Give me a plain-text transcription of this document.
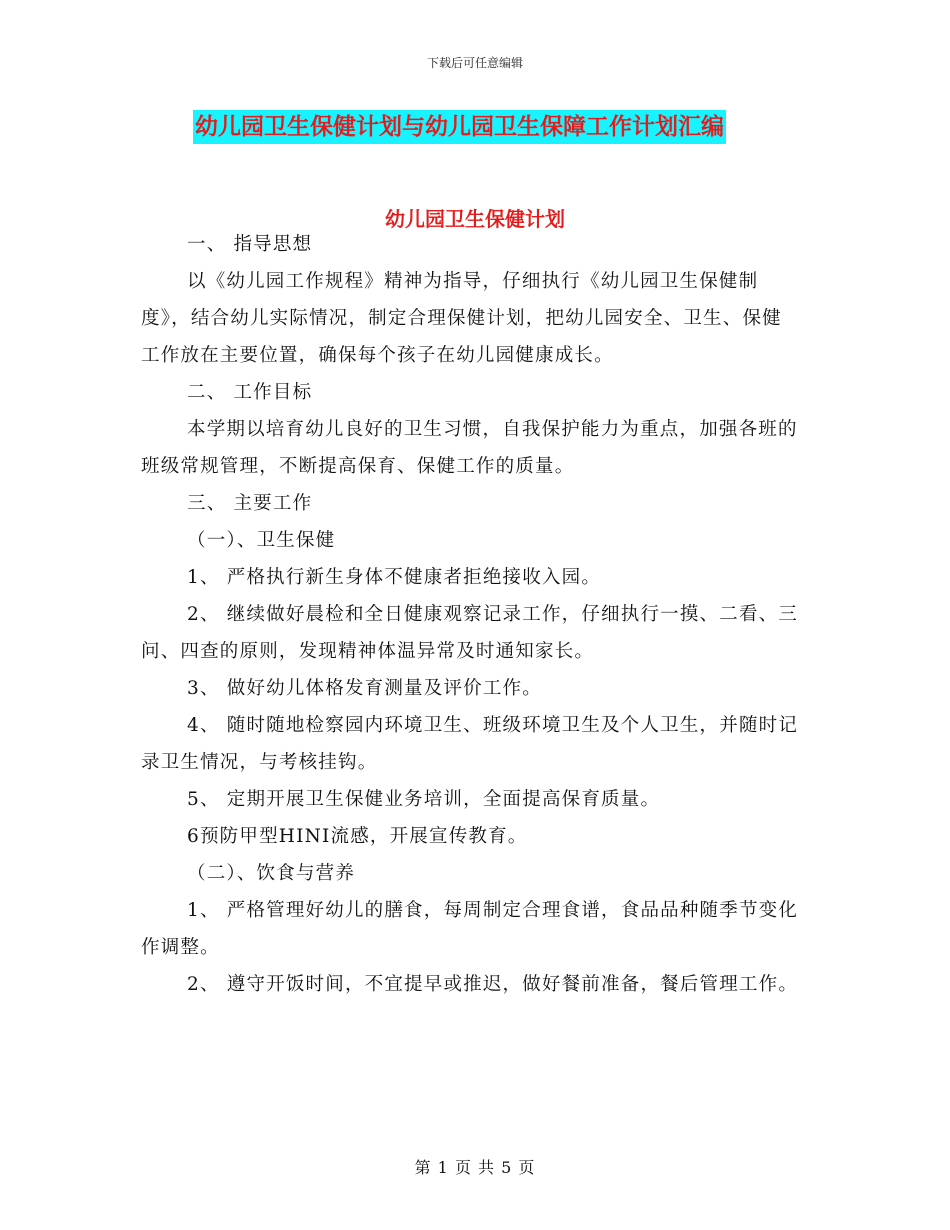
下载后可任意编辑
幼儿园卫生保健计划与幼儿园卫生保障工作计划汇编
幼儿园卫生保健计划

一、 指导思想

以《幼儿园工作规程》精神为指导，仔细执行《幼儿园卫生保健制度》，结合幼儿实际情况，制定合理保健计划，把幼儿园安全、卫生、保健工作放在主要位置，确保每个孩子在幼儿园健康成长。

二、 工作目标

本学期以培育幼儿良好的卫生习惯，自我保护能力为重点，加强各班的班级常规管理，不断提高保育、保健工作的质量。

三、 主要工作

（一）、卫生保健

1、 严格执行新生身体不健康者拒绝接收入园。

2、 继续做好晨检和全日健康观察记录工作，仔细执行一摸、二看、三问、四查的原则，发现精神体温异常及时通知家长。

3、 做好幼儿体格发育测量及评价工作。

4、 随时随地检察园内环境卫生、班级环境卫生及个人卫生，并随时记录卫生情况，与考核挂钩。

5、 定期开展卫生保健业务培训，全面提高保育质量。

6预防甲型HINI流感，开展宣传教育。

（二）、饮食与营养

1、 严格管理好幼儿的膳食，每周制定合理食谱，食品品种随季节变化作调整。

2、 遵守开饭时间，不宜提早或推迟，做好餐前准备，餐后管理工作。

第 1 页 共 5 页
